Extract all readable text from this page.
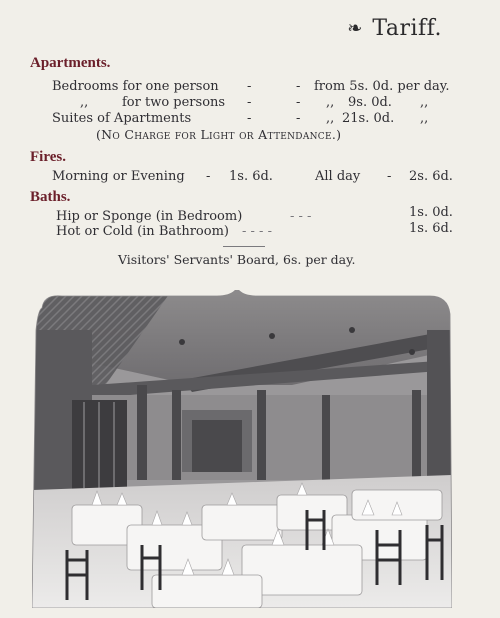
❧ Tariff.
Apartments.
Bedrooms for one person -	- from 5s. 0d. per day.
,,	for two persons -	- ,, 9s. 0d. ,,
Suites of Apartments	-	- ,, 21s. 0d. ,,
(No Charge for Light or Attendance.)
Fires.
Morning or Evening - 1s. 6d.	All day - 2s. 6d.
Baths.
Hip or Sponge (in Bedroom)	- - -	1s. 0d.
Hot or Cold (in Bathroom) - - - -	1s. 6d.
Visitors' Servants' Board, 6s. per day.
